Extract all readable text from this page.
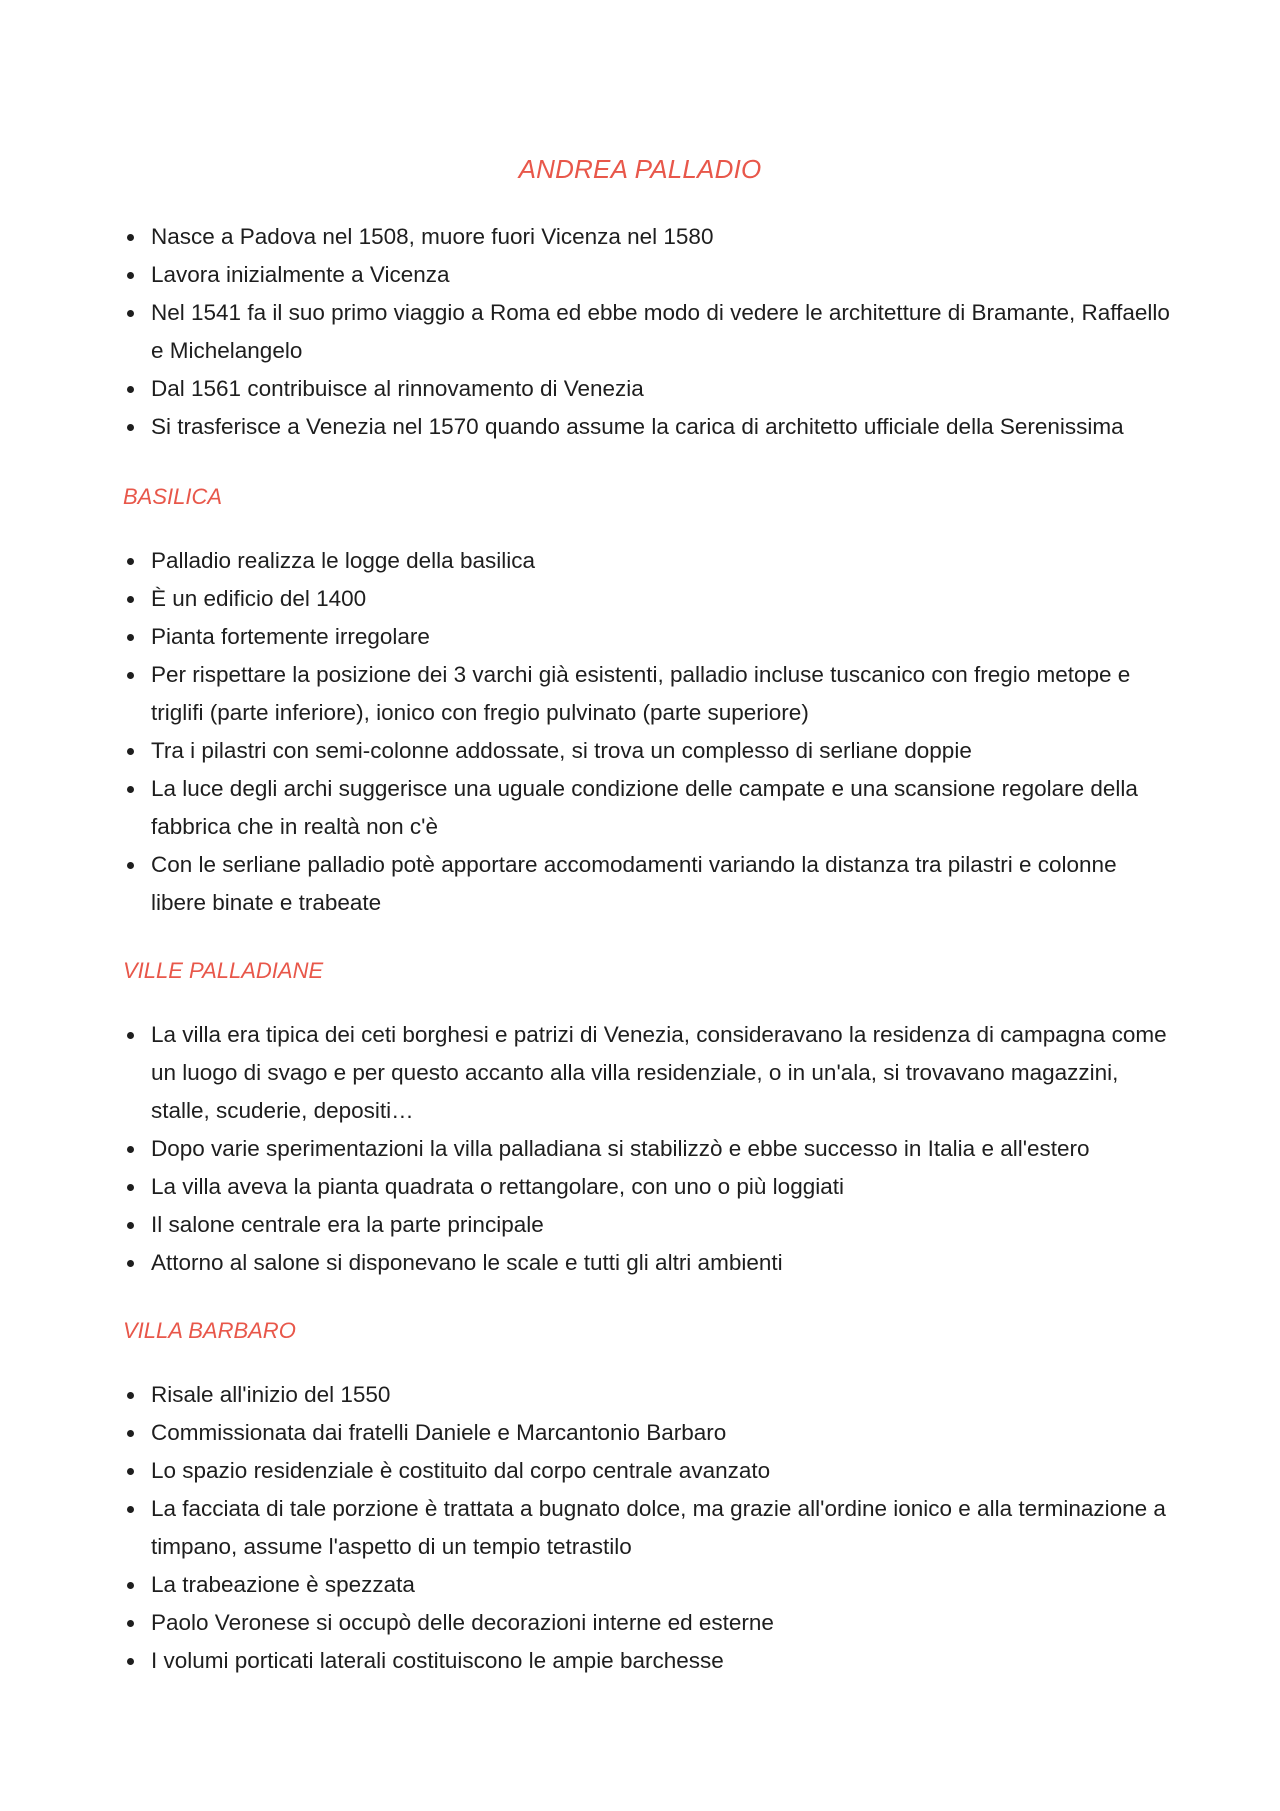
ANDREA PALLADIO
Nasce a Padova nel 1508, muore fuori Vicenza nel 1580
Lavora inizialmente a Vicenza
Nel 1541 fa il suo primo viaggio a Roma ed ebbe modo di vedere le architetture di Bramante, Raffaello e Michelangelo
Dal 1561 contribuisce al rinnovamento di Venezia
Si trasferisce a Venezia nel 1570 quando assume la carica di architetto ufficiale della Serenissima
BASILICA
Palladio realizza le logge della basilica
È un edificio del 1400
Pianta fortemente irregolare
Per rispettare la posizione dei 3 varchi già esistenti, palladio incluse tuscanico con fregio metope e triglifi (parte inferiore), ionico con fregio pulvinato (parte superiore)
Tra i pilastri con semi-colonne addossate, si trova un complesso di serliane doppie
La luce degli archi suggerisce una uguale condizione delle campate e una scansione regolare della fabbrica che in realtà non c'è
Con le serliane palladio potè apportare accomodamenti variando la distanza tra pilastri e colonne libere binate e trabeate
VILLE PALLADIANE
La villa era tipica dei ceti borghesi e patrizi di Venezia, consideravano la residenza di campagna come un luogo di svago e per questo accanto alla villa residenziale, o in un'ala, si trovavano magazzini, stalle, scuderie, depositi…
Dopo varie sperimentazioni la villa palladiana si stabilizzò e ebbe successo in Italia e all'estero
La villa aveva la pianta quadrata o rettangolare, con uno o più loggiati
Il salone centrale era la parte principale
Attorno al salone si disponevano le scale e tutti gli altri ambienti
VILLA BARBARO
Risale all'inizio del 1550
Commissionata dai fratelli Daniele e Marcantonio Barbaro
Lo spazio residenziale è costituito dal corpo centrale avanzato
La facciata di tale porzione è trattata a bugnato dolce, ma grazie all'ordine ionico e alla terminazione a timpano, assume l'aspetto di un tempio tetrastilo
La trabeazione è spezzata
Paolo Veronese si occupò delle decorazioni interne ed esterne
I volumi porticati laterali costituiscono le ampie barchesse
